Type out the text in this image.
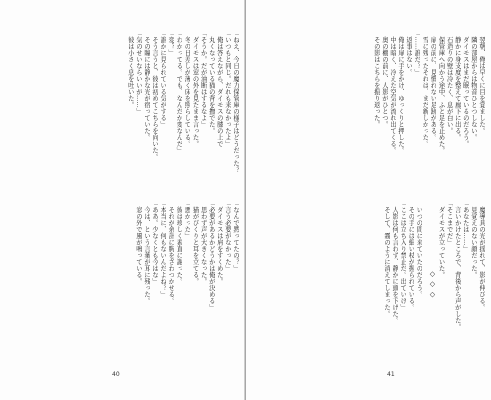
「ねえ、今日の魔力保管庫の様子はどうだった？
「いつもと同じ。だれも来なかったよ」
　俺は答えながら、ダイモスの膝の上で
　丸くなっている猫の背を撫でた。
「そうか。だが油断はするなよ」
　ダイモスは窓の外を見たまま言った。
　冬の日差しが薄く床を照らしている。
「わかってる。でも、なんだか変なんだ」
「変？」
「誰かに見られている気がする」
　そう言うと、彼は初めてこちらを向いた。
　その瞳には静かな光が宿っていた。
「気のせいならいいが……」
　彼は小さく息を吐いた。
「なんで黙ってたの？」
「言う必要がなかった」
　ダイモスは肩をすくめた。
「必要があるかどうかは俺が決める」
　思わず声が大きくなった。
　猫がびくりと耳を立てる。
「悪かった」
　彼は珍しく素直に謝った。
　それが余計に胸をざわつかせる。
「本当に、何もないんだよね？」
「ああ。少なくとも今はな」
　今は、という言葉が耳に残った。
　窓の外で風が鳴っている。
40
　翌朝、俺は早くに目を覚ました。
　隣の部屋からは物音ひとつしない。
　ダイモスはまだ眠っているのだろう。
　静かに身支度を整えて廊下に出る。
　石造りの壁は冷たく、息が白い。
　保管庫へ向かう途中、ふと足を止めた。
　扉の前に、見慣れない足跡がある。
　雪に残ったそれは、まだ新しかった。
「……誰だ？」
　返事はない。
　俺は扉に手をかけ、ゆっくりと押した。
　中は暗く、冷えた空気が流れ出てくる。
　奥の棚の前に、人影がひとつ。
　その影はこちらを振り返った。
　魔導具の光が揺れて、影が伸びる。
　見覚えのない顔だった。
「あなたは……」
　言いかけたところで、背後から声がした。
「そこまでだ」
　ダイモスが立っていた。
◇ ◇ ◇
　いつの間に来ていたのだろう。
　その手には細い杖が握られている。
「ここは立ち入り禁止だ。出ていけ」
　人影は何も言わず、静かに頭を下げた。
　そして、霧のように消えてしまった。
41
